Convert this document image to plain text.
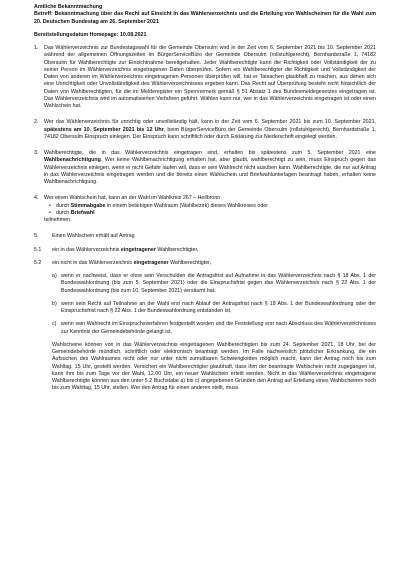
Amtliche Bekanntmachung

Betreff: Bekanntmachung über das Recht auf Einsicht in das Wählerverzeichnis und die Erteilung von Wahlscheinen für die Wahl zum 20. Deutschen Bundestag am 26. September 2021

Bereitstellungsdatum Homepage: 10.08.2021

1.	Das Wählerverzeichnis zur Bundestagswahl für die Gemeinde Obersulm wird in der Zeit vom 6. September 2021 bis 10. September 2021 während der allgemeinen Öffnungszeiten im BürgerServiceBüro der Gemeinde Obersulm (rollstuhlgerecht), Bernhardstraße 1, 74182 Obersulm für Wahlberechtigte zur Einsichtnahme bereitgehalten. Jeder Wahlberechtigte kann die Richtigkeit oder Vollständigkeit der zu seiner Person im Wählerverzeichnis eingetragenen Daten überprüfen. Sofern ein Wahlberechtigter die Richtigkeit und Vollständigkeit der Daten von anderen im Wählerverzeichnis eingetragenen Personen überprüfen will, hat er Tatsachen glaubhaft zu machen, aus denen sich eine Unrichtigkeit oder Unvollständigkeit des Wählerverzeichnisses ergeben kann. Das Recht auf Überprüfung besteht nicht hinsichtlich der Daten von Wahlberechtigten, für die im Melderegister ein Sperrvermerk gemäß § 51 Absatz 1 des Bundesmeldegesetzes eingetragen ist. Das Wählerverzeichnis wird im automatisierten Verfahren geführt. Wählen kann nur, wer in das Wählerverzeichnis eingetragen ist oder einen Wahlschein hat.
2.	Wer das Wählerverzeichnis für unrichtig oder unvollständig hält, kann in der Zeit vom 6. September 2021 bis zum 10. September 2021, spätestens am 10. September 2021 bis 12 Uhr, beim BürgerServiceBüro der Gemeinde Obersulm (rollstuhlgerecht), Bernhardstraße 1, 74182 Obersulm Einspruch einlegen. Der Einspruch kann schriftlich oder durch Erklärung zur Niederschrift eingelegt werden.
3.	Wahlberechtigte, die in das Wählerverzeichnis eingetragen sind, erhalten bis spätestens zum 5. September 2021 eine Wahlbenachrichtigung. Wer keine Wahlbenachrichtigung erhalten hat, aber glaubt, wahlberechtigt zu sein, muss Einspruch gegen das Wählerverzeichnis einlegen, wenn er nicht Gefahr laufen will, dass er sein Wahlrecht nicht ausüben kann. Wahlberechtigte, die nur auf Antrag in das Wählerverzeichnis eingetragen werden und die bereits einen Wahlschein und Briefwahlunterlagen beantragt haben, erhalten keine Wahlbenachrichtigung.
4.	Wer einen Wahlschein hat, kann an der Wahl im Wahlkreis 267 – Heilbronn
• durch Stimmabgabe in einem beliebigen Wahlraum (Wahlbezirk) dieses Wahlkreises oder
• durch Briefwahl

teilnehmen.

5.	Einen Wahlschein erhält auf Antrag
5.1	ein in das Wählerverzeichnis eingetragener Wahlberechtigter,
5.2	ein nicht in das Wählerverzeichnis eingetragener Wahlberechtigter,
a) wenn er nachweist, dass er ohne sein Verschulden die Antragsfrist auf Aufnahme in das Wählerverzeichnis nach § 18 Abs. 1 der Bundeswahlordnung (bis zum 5. September 2021) oder die Einspruchsfrist gegen das Wählerverzeichnis nach § 22 Abs. 1 der Bundeswahlordnung (bis zum 10. September 2021) versäumt hat,
b) wenn sein Recht auf Teilnahme an der Wahl erst nach Ablauf der Antragsfrist nach § 18 Abs. 1 der Bundeswahlordnung oder der Einspruchsfrist nach § 22 Abs. 1 der Bundeswahlordnung entstanden ist,
c) wenn sein Wahlrecht im Einspruchsverfahren festgestellt worden und die Feststellung erst nach Abschluss des Wählerverzeichnisses zur Kenntnis der Gemeindebehörde gelangt ist.

Wahlscheine können von in das Wählerverzeichnis eingetragenen Wahlberechtigten bis zum 24. September 2021, 18 Uhr, bei der Gemeindebehörde mündlich, schriftlich oder elektronisch beantragt werden. Im Falle nachweislich plötzlicher Erkrankung, die ein Aufsuchen des Wahlraumes nicht oder nur unter nicht zumutbaren Schwierigkeiten möglich macht, kann der Antrag noch bis zum Wahltag, 15 Uhr, gestellt werden. Versichert ein Wahlberechtigter glaubhaft, dass ihm der beantragte Wahlschein nicht zugegangen ist, kann ihm bis zum Tage vor der Wahl, 12.00 Uhr, ein neuer Wahlschein erteilt werden. Nicht in das Wählerverzeichnis eingetragene Wahlberechtigte können aus den unter 5.2 Buchstabe a) bis c) angegebenen Gründen den Antrag auf Erteilung eines Wahlscheines noch bis zum Wahltag, 15 Uhr, stellen. Wer den Antrag für einen anderen stellt, muss
